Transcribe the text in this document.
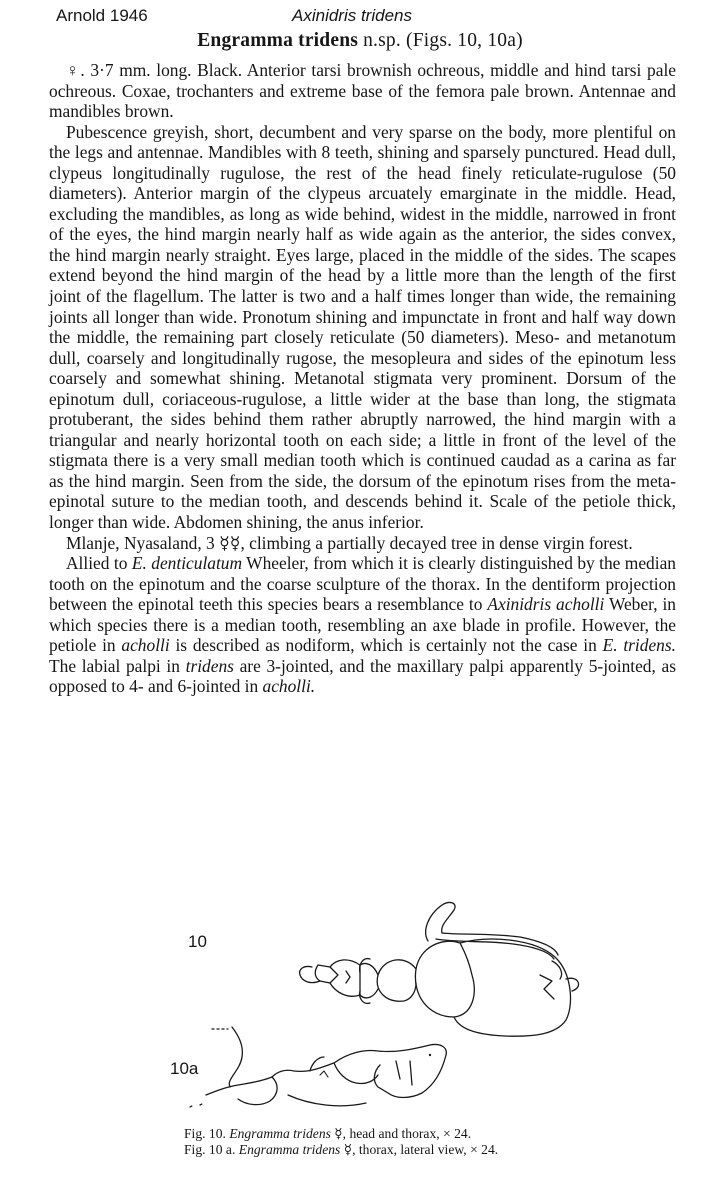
Arnold 1946	Axinidris tridens
Engramma tridens n.sp. (Figs. 10, 10a)

♀. 3·7 mm. long. Black. Anterior tarsi brownish ochreous, middle and hind tarsi pale ochreous. Coxae, trochanters and extreme base of the femora pale brown. Antennae and mandibles brown.

Pubescence greyish, short, decumbent and very sparse on the body, more plentiful on the legs and antennae. Mandibles with 8 teeth, shining and sparsely punctured. Head dull, clypeus longitudinally rugulose, the rest of the head finely reticulate-rugulose (50 diameters). Anterior margin of the clypeus arcuately emarginate in the middle. Head, excluding the mandibles, as long as wide behind, widest in the middle, narrowed in front of the eyes, the hind margin nearly half as wide again as the anterior, the sides convex, the hind margin nearly straight. Eyes large, placed in the middle of the sides. The scapes extend beyond the hind margin of the head by a little more than the length of the first joint of the flagellum. The latter is two and a half times longer than wide, the remaining joints all longer than wide. Pronotum shining and impunctate in front and half way down the middle, the remaining part closely reticulate (50 diameters). Meso- and metanotum dull, coarsely and longitudinally rugose, the mesopleura and sides of the epinotum less coarsely and somewhat shining. Metanotal stigmata very prominent. Dorsum of the epinotum dull, coriaceous-rugulose, a little wider at the base than long, the stigmata protuberant, the sides behind them rather abruptly narrowed, the hind margin with a triangular and nearly horizontal tooth on each side; a little in front of the level of the stigmata there is a very small median tooth which is continued caudad as a carina as far as the hind margin. Seen from the side, the dorsum of the epinotum rises from the meta-epinotal suture to the median tooth, and descends behind it. Scale of the petiole thick, longer than wide. Abdomen shining, the anus inferior.

Mlanje, Nyasaland, 3 ☿☿, climbing a partially decayed tree in dense virgin forest.

Allied to E. denticulatum Wheeler, from which it is clearly distinguished by the median tooth on the epinotum and the coarse sculpture of the thorax. In the dentiform projection between the epinotal teeth this species bears a resemblance to Axinidris acholli Weber, in which species there is a median tooth, resembling an axe blade in profile. However, the petiole in acholli is described as nodiform, which is certainly not the case in E. tridens. The labial palpi in tridens are 3-jointed, and the maxillary palpi apparently 5-jointed, as opposed to 4- and 6-jointed in acholli.

10
10a
Fig. 10. Engramma tridens ☿, head and thorax, × 24.
Fig. 10 a. Engramma tridens ☿, thorax, lateral view, × 24.
